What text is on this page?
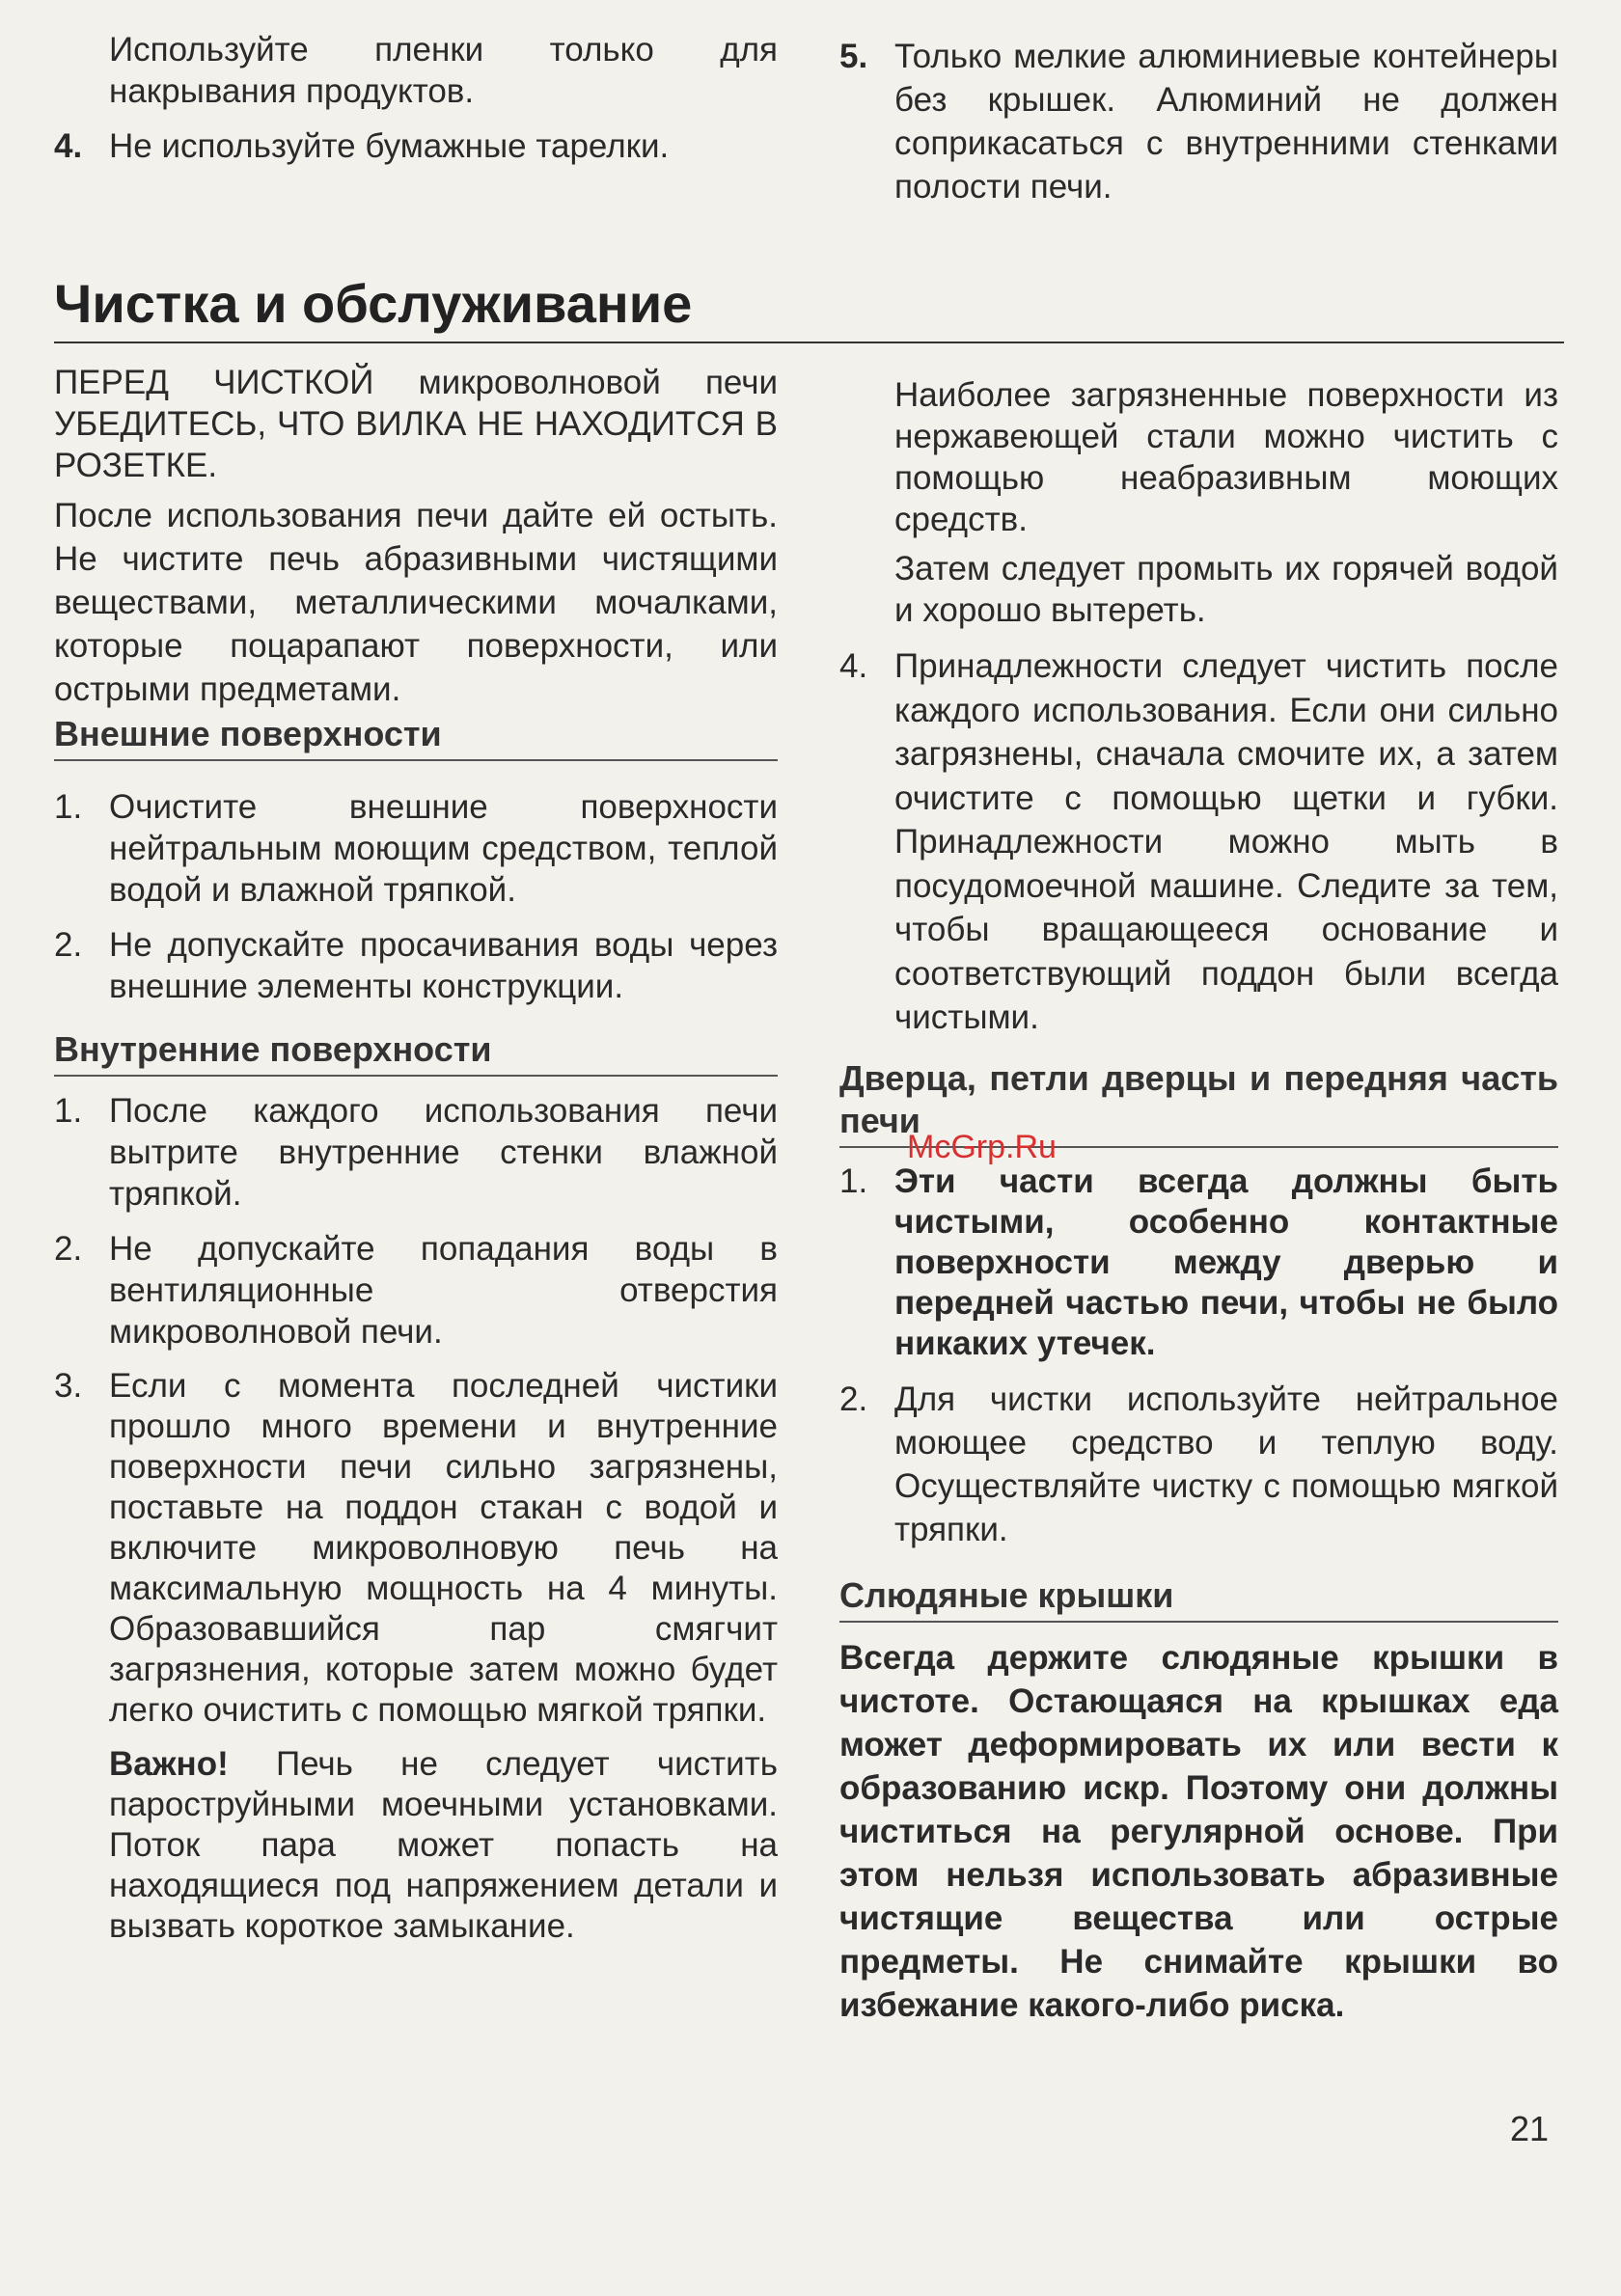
Используйте пленки только для накрывания продуктов.
4. Не используйте бумажные тарелки.
5. Только мелкие алюминиевые контейнеры без крышек. Алюминий не должен соприкасаться с внутренними стенками полости печи.
Чистка и обслуживание

ПЕРЕД ЧИСТКОЙ микроволновой печи УБЕДИТЕСЬ, ЧТО ВИЛКА НЕ НАХОДИТСЯ В РОЗЕТКЕ.

После использования печи дайте ей остыть. Не чистите печь абразивными чистящими веществами, металлическими мочалками, которые поцарапают поверхности, или острыми предметами.

Внешние поверхности
1. Очистите внешние поверхности нейтральным моющим средством, теплой водой и влажной тряпкой.
2. Не допускайте просачивания воды через внешние элементы конструкции.
Внутренние поверхности
1. После каждого использования печи вытрите внутренние стенки влажной тряпкой.
2. Не допускайте попадания воды в вентиляционные отверстия микроволновой печи.
3. Если с момента последней чистики прошло много времени и внутренние поверхности печи сильно загрязнены, поставьте на поддон стакан с водой и включите микроволновую печь на максимальную мощность на 4 минуты. Образовавшийся пар смягчит загрязнения, которые затем можно будет легко очистить с помощью мягкой тряпки.
Важно! Печь не следует чистить пароструйными моечными установками. Поток пара может попасть на находящиеся под напряжением детали и вызвать короткое замыкание.
Наиболее загрязненные поверхности из нержавеющей стали можно чистить с помощью неабразивным моющих средств.
Затем следует промыть их горячей водой и хорошо вытереть.
4. Принадлежности следует чистить после каждого использования. Если они сильно загрязнены, сначала смочите их, а затем очистите с помощью щетки и губки. Принадлежности можно мыть в посудомоечной машине. Следите за тем, чтобы вращающееся основание и соответствующий поддон были всегда чистыми.
Дверца, петли дверцы и передняя часть печи
1. Эти части всегда должны быть чистыми, особенно контактные поверхности между дверью и передней частью печи, чтобы не было никаких утечек.
2. Для чистки используйте нейтральное моющее средство и теплую воду. Осуществляйте чистку с помощью мягкой тряпки.
Слюдяные крышки

Всегда держите слюдяные крышки в чистоте. Остающаяся на крышках еда может деформировать их или вести к образованию искр. Поэтому они должны чиститься на регулярной основе. При этом нельзя использовать абразивные чистящие вещества или острые предметы. Не снимайте крышки во избежание какого-либо риска.

McGrp.Ru
21
